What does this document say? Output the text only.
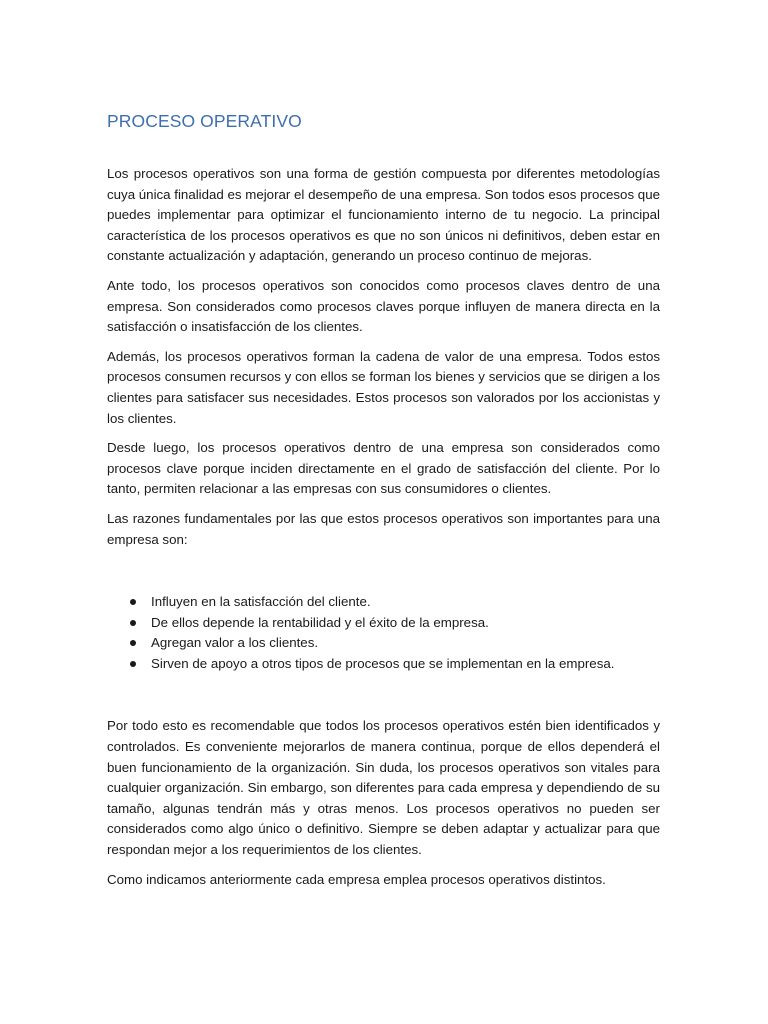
PROCESO OPERATIVO

Los procesos operativos son una forma de gestión compuesta por diferentes metodologías cuya única finalidad es mejorar el desempeño de una empresa. Son todos esos procesos que puedes implementar para optimizar el funcionamiento interno de tu negocio. La principal característica de los procesos operativos es que no son únicos ni definitivos, deben estar en constante actualización y adaptación, generando un proceso continuo de mejoras.

Ante todo, los procesos operativos son conocidos como procesos claves dentro de una empresa. Son considerados como procesos claves porque influyen de manera directa en la satisfacción o insatisfacción de los clientes.

Además, los procesos operativos forman la cadena de valor de una empresa. Todos estos procesos consumen recursos y con ellos se forman los bienes y servicios que se dirigen a los clientes para satisfacer sus necesidades. Estos procesos son valorados por los accionistas y los clientes.

Desde luego, los procesos operativos dentro de una empresa son considerados como procesos clave porque inciden directamente en el grado de satisfacción del cliente. Por lo tanto, permiten relacionar a las empresas con sus consumidores o clientes.

Las razones fundamentales por las que estos procesos operativos son importantes para una empresa son:

Influyen en la satisfacción del cliente.
De ellos depende la rentabilidad y el éxito de la empresa.
Agregan valor a los clientes.
Sirven de apoyo a otros tipos de procesos que se implementan en la empresa.

Por todo esto es recomendable que todos los procesos operativos estén bien identificados y controlados. Es conveniente mejorarlos de manera continua, porque de ellos dependerá el buen funcionamiento de la organización. Sin duda, los procesos operativos son vitales para cualquier organización. Sin embargo, son diferentes para cada empresa y dependiendo de su tamaño, algunas tendrán más y otras menos. Los procesos operativos no pueden ser considerados como algo único o definitivo. Siempre se deben adaptar y actualizar para que respondan mejor a los requerimientos de los clientes.

Como indicamos anteriormente cada empresa emplea procesos operativos distintos.
